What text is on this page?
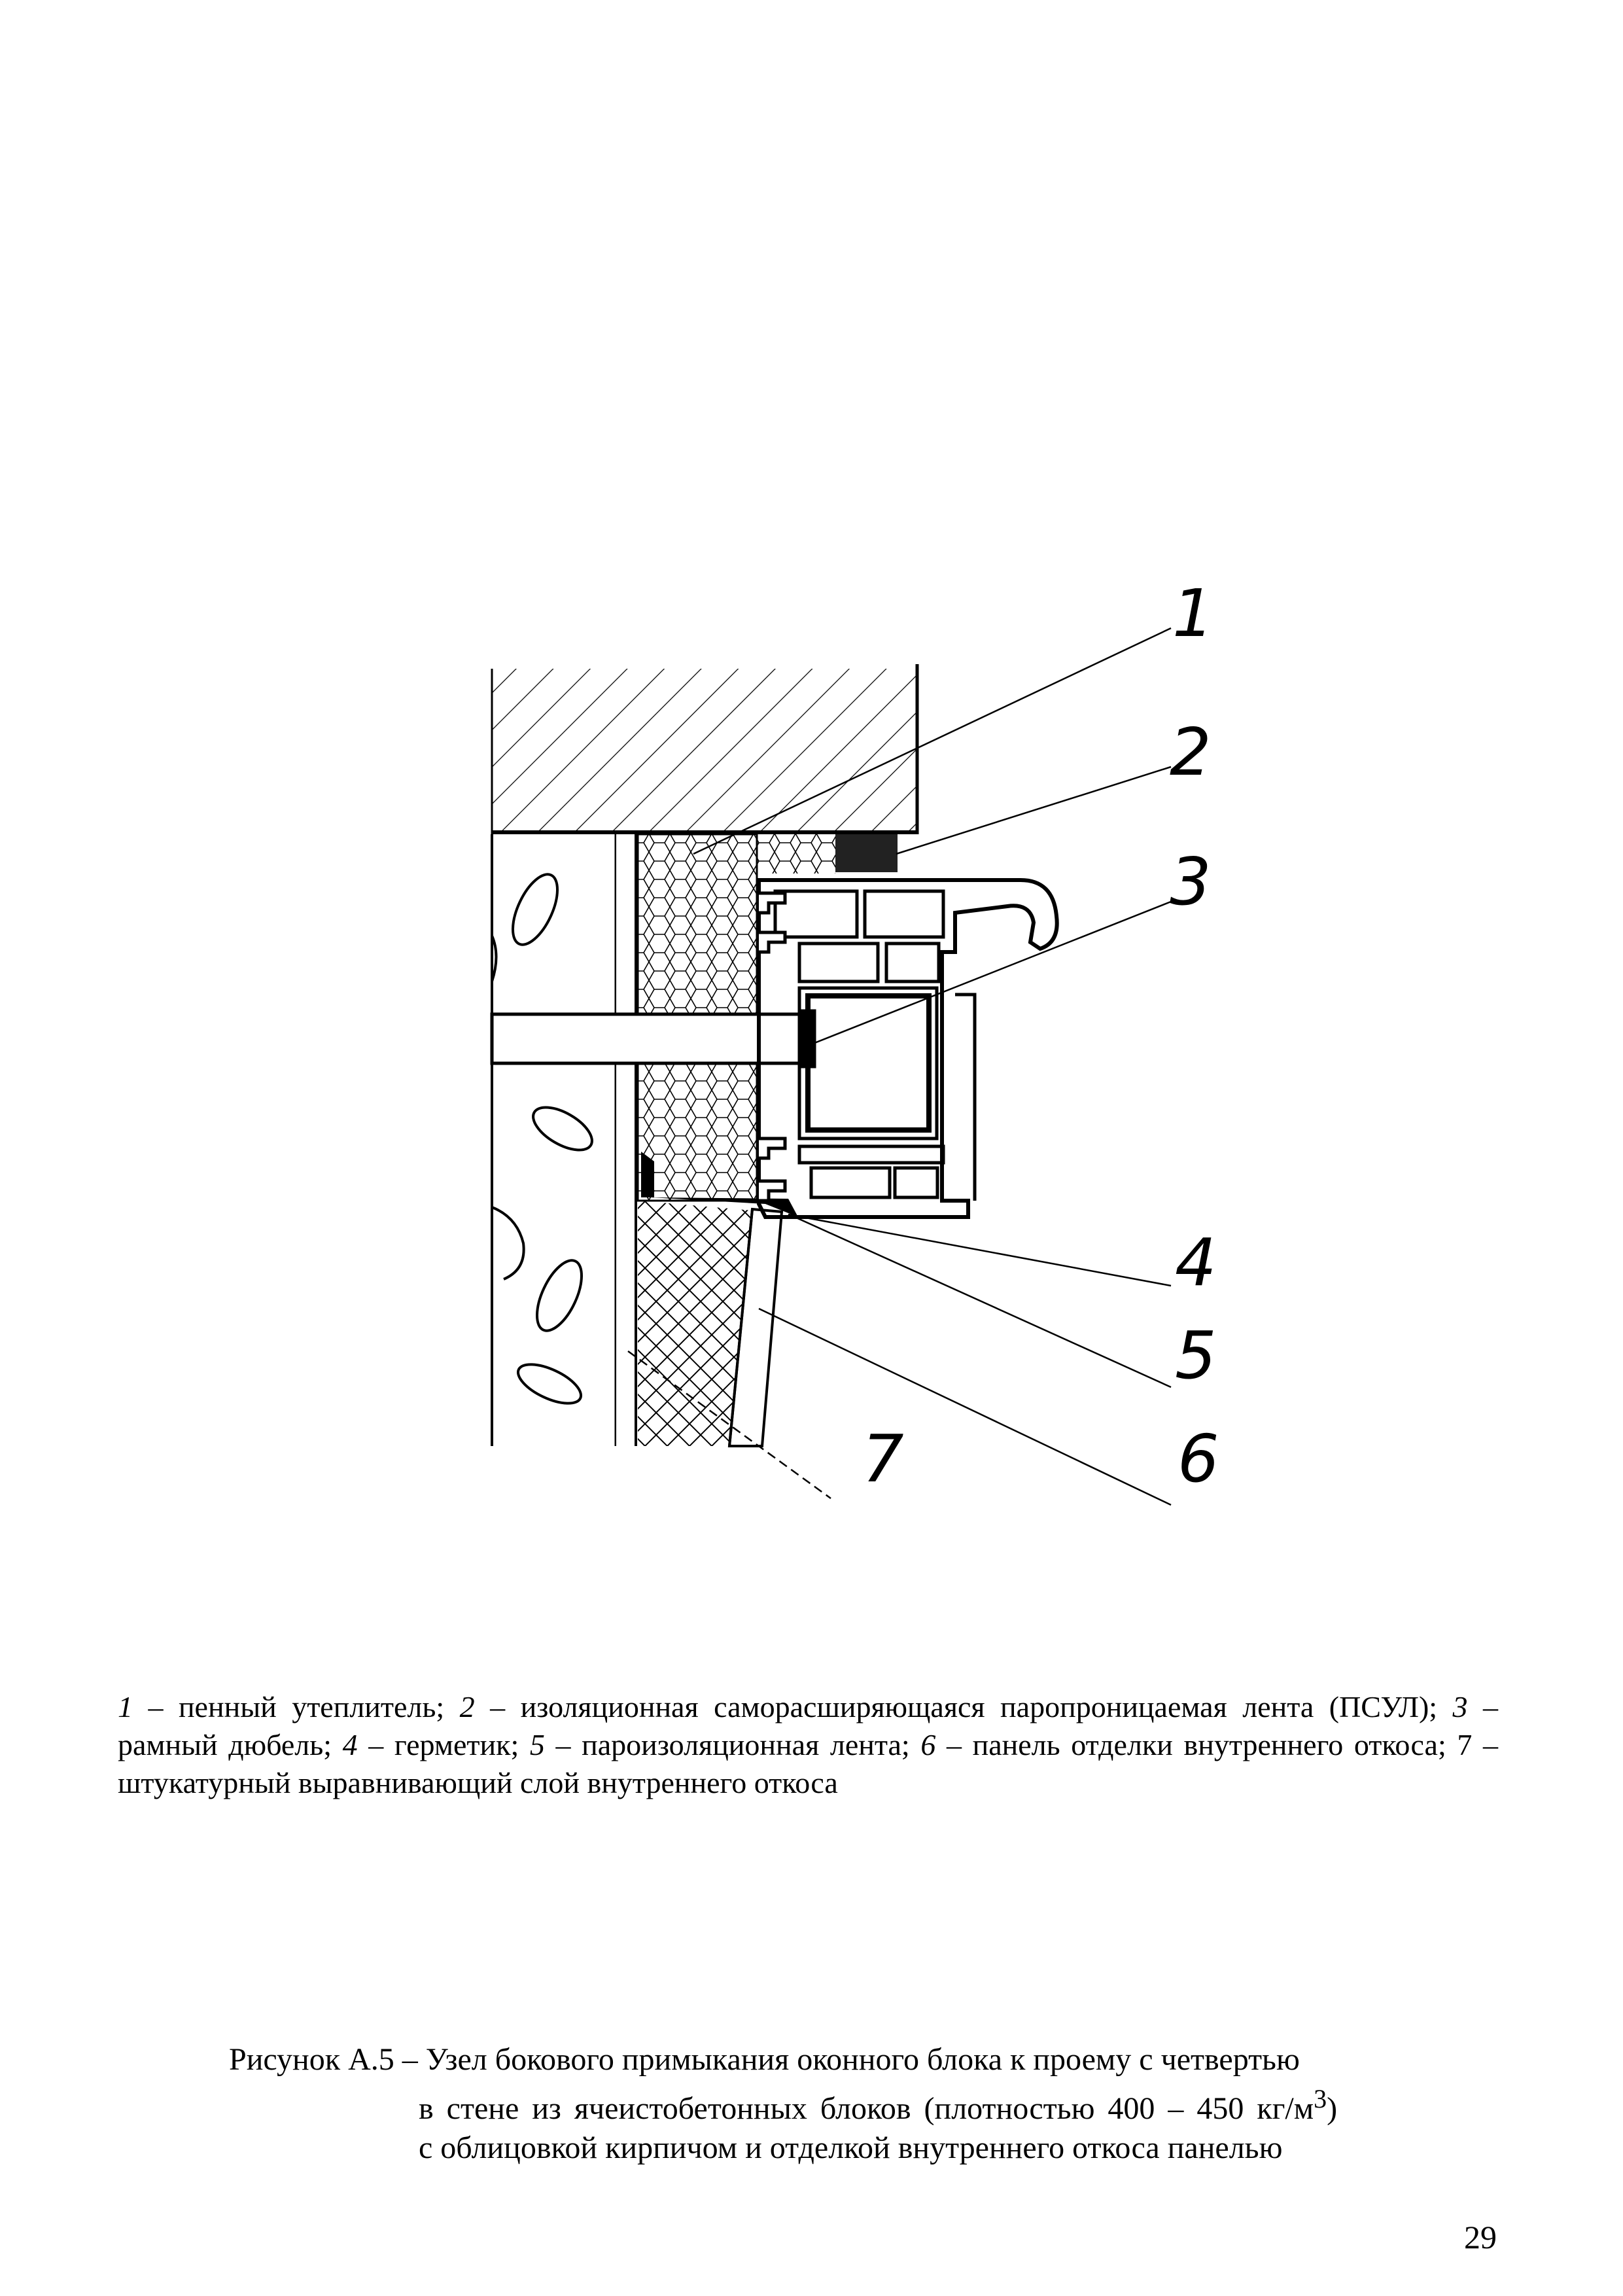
1
2
3
4
5
6
7

1 – пенный утеплитель; 2 – изоляционная саморасширяющаяся паропроницаемая лента (ПСУЛ); 3 – рамный дюбель; 4 – герметик; 5 – пароизоляционная лента; 6 – панель отделки внутреннего откоса; 7 – штукатурный выравнивающий слой внутреннего откоса

Рисунок А.5 – Узел бокового примыкания оконного блока к проему с четвертью
в стене из ячеистобетонных блоков (плотностью 400 – 450 $кг/м^3$)
с облицовкой кирпичом и отделкой внутреннего откоса панелью

29
